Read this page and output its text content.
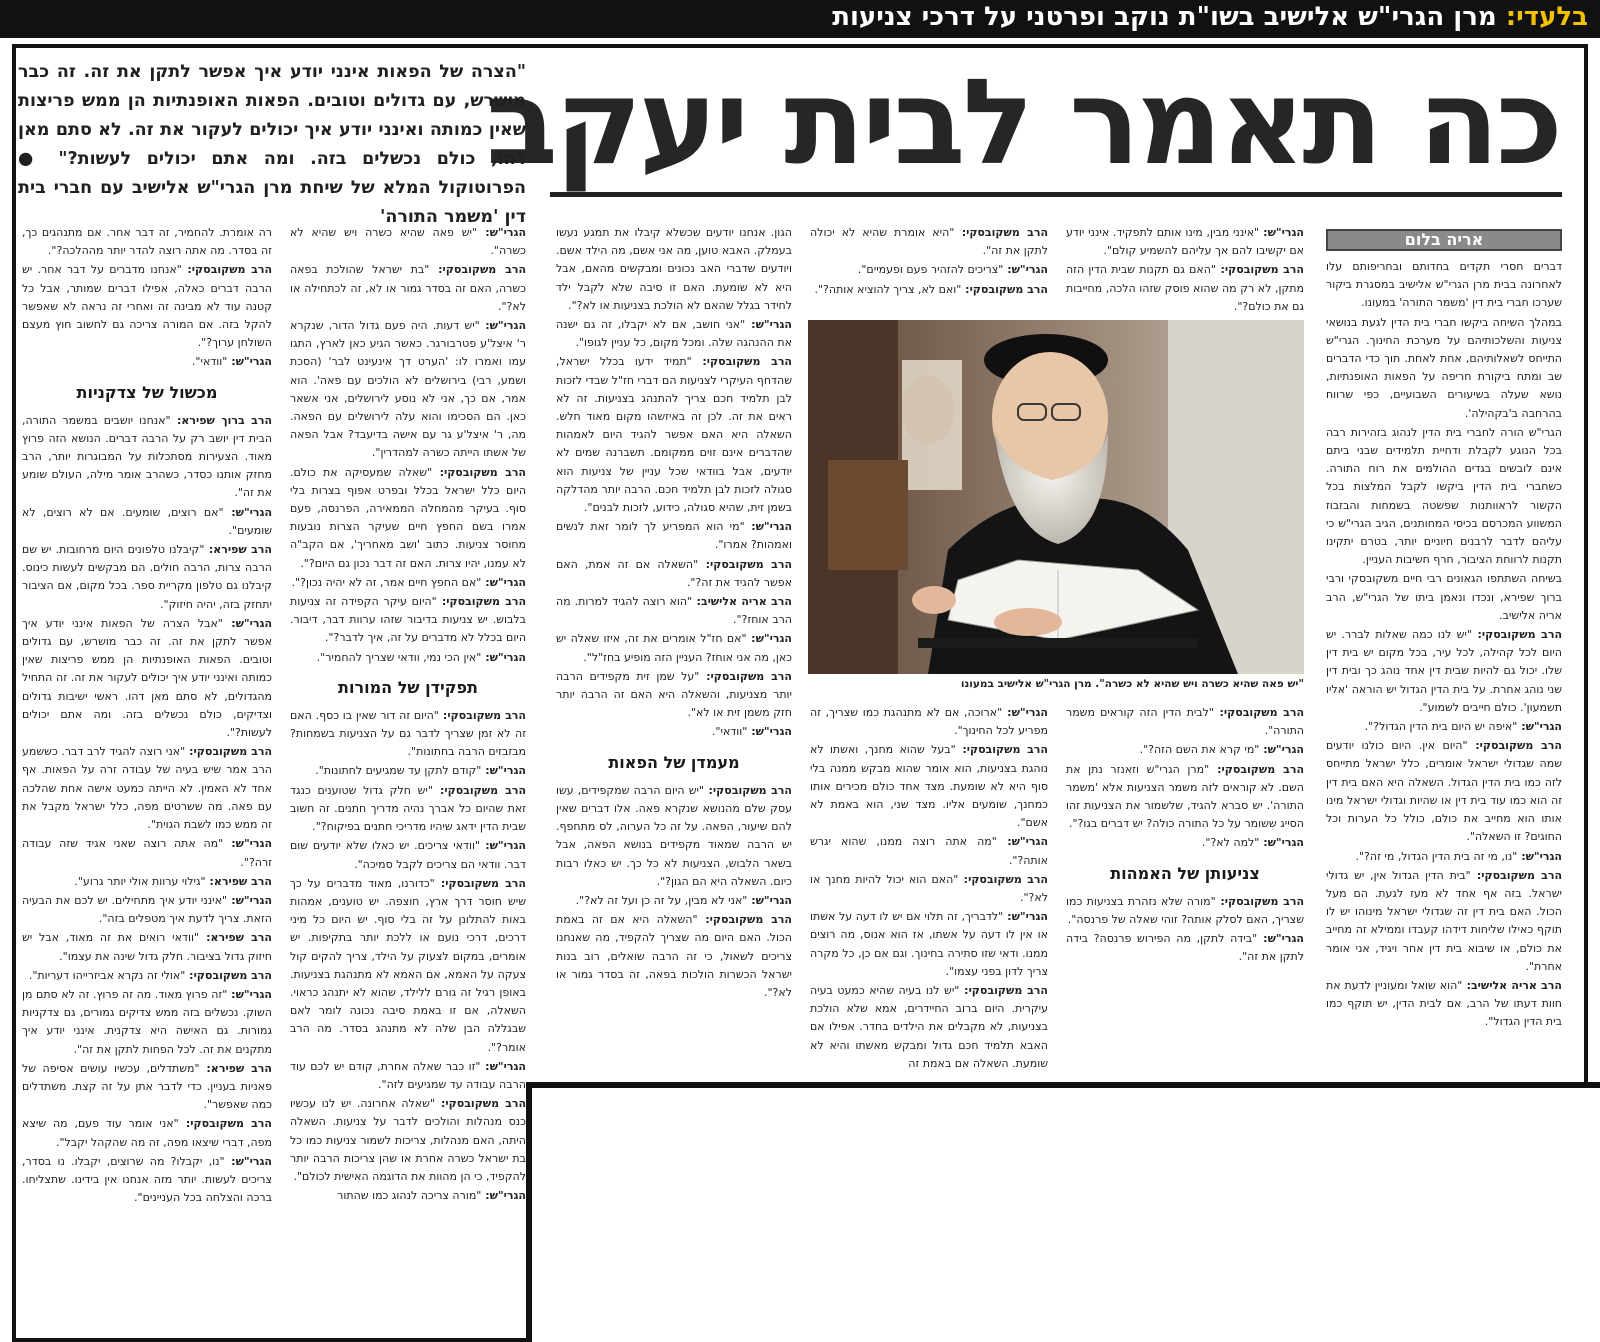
בלעדי: מרן הגרי"ש אלישיב בשו"ת נוקב ופרטני על דרכי צניעות
כה תאמר לבית יעקב
"הצרה של הפאות אינני יודע איך אפשר לתקן את זה. זה כבר מושרש, עם גדולים וטובים. הפאות האופנתיות הן ממש פריצות שאין כמותה ואינני יודע איך יכולים לעקור את זה. לא סתם מאן דהו, כולם נכשלים בזה. ומה אתם יכולים לעשות?" ● הפרוטוקול המלא של שיחת מרן הגרי"ש אלישיב עם חברי בית דין 'משמר התורה'
אריה בלום

דברים חסרי תקדים בחדותם ובחריפותם עלו לאחרונה בבית מרן הגרי"ש אלישיב במסגרת ביקור שערכו חברי בית דין 'משמר התורה' במעונו.

במהלך השיחה ביקשו חברי בית הדין לגעת בנושאי צניעות והשלכותיהם על מערכת החינוך. הגרי"ש התייחס לשאלותיהם, אחת לאחת. תוך כדי הדברים שב ומתח ביקורת חריפה על הפאות האופנתיות, נושא שעלה בשיעורים השבועיים, כפי שרווח בהרחבה ב'בקהילה'.

הגרי"ש הורה לחברי בית הדין לנהוג בזהירות רבה בכל הנוגע לקבלת ודחיית תלמידים שבני ביתם אינם לובשים בגדים ההולמים את רוח התורה. כשחברי בית הדין ביקשו לקבל המלצות בכל הקשור לראוותנות שפשטה בשמחות והבזבוז המשווע המכרסם בכיסי המחותנים, הגיב הגרי"ש כי עליהם לדבר לרבנים חיוניים יותר, בטרם יתקינו תקנות לרווחת הציבור, חרף חשיבות העניין.

בשיחה השתתפו הגאונים רבי חיים משקובסקי ורבי ברוך שפירא, ונכדו ונאמן ביתו של הגרי"ש, הרב אריה אלישיב.

הרב משקובסקי: "יש לנו כמה שאלות לברר. יש היום לכל קהילה, לכל עיר, בכל מקום יש בית דין שלו. יכול גם להיות שבית דין אחד נוהג כך ובית דין שני נוהג אחרת. על בית הדין הגדול יש הוראה 'אליו תשמעון'. כולם חייבים לשמוע".

הגרי"ש: "איפה יש היום בית הדין הגדול?".

הרב משקובסקי: "היום אין. היום כולנו יודעים שמה שגדולי ישראל אומרים, כלל ישראל מתייחס לזה כמו בית הדין הגדול. השאלה היא האם בית דין זה הוא כמו עוד בית דין או שהיות וגדולי ישראל מינו אותו הוא מחייב את כולם, כולל כל הערות וכל החוגים? זו השאלה".

הגרי"ש: "נו, מי זה בית הדין הגדול, מי זה?".

הרב משקובסקי: "בית הדין הגדול אין, יש גדולי ישראל. בזה אף אחד לא מעז לגעת. הם מעל הכול. האם בית דין זה שגדולי ישראל מינוהו יש לו תוקף כאילו שליחות דידהו קעבדו וממילא זה מחייב את כולם, או שיבוא בית דין אחר ויגיד, אני אומר אחרת".

הרב אריה אלישיב: "הוא שואל ומעוניין לדעת את חוות דעתו של הרב, אם לבית הדין, יש תוקף כמו בית הדין הגדול".

הגרי"ש: "אינני מבין, מינו אותם לתפקיד. אינני יודע אם יקשיבו להם אך עליהם להשמיע קולם".

הרב משקובסקי: "האם גם תקנות שבית הדין הזה מתקן, לא רק מה שהוא פוסק שזהו הלכה, מחייבות גם את כולם?".

הרב משקובסקי: "לבית הדין הזה קוראים משמר התורה".

הגרי"ש: "מי קרא את השם הזה?".

הרב משקובסקי: "מרן הגרי"ש וזאנזר נתן את השם. לא קוראים לזה משמר הצניעות אלא 'משמר התורה'. יש סברא להגיד, שלשמור את הצניעות זהו הסייג ששומר על כל התורה כולה? יש דברים בגו?".

הגרי"ש: "למה לא?".

צניעותן של האמהות

הרב משקובסקי: "מורה שלא נזהרת בצניעות כמו שצריך, האם לסלק אותה? זוהי שאלה של פרנסה".

הגרי"ש: "בידה לתקן, מה הפירוש פרנסה? בידה לתקן את זה".

הרב משקובסקי: "היא אומרת שהיא לא יכולה לתקן את זה".

הגרי"ש: "צריכים להזהיר פעם ופעמיים".

הרב משקובסקי: "ואם לא, צריך להוציא אותה?".

הגרי"ש: "ארוכה, אם לא מתנהגת כמו שצריך, זה מפריע לכל החינוך".

הרב משקובסקי: "בעל שהוא מחנך, ואשתו לא נוהגת בצניעות, הוא אומר שהוא מבקש ממנה בלי סוף היא לא שומעת. מצד אחד כולם מכירים אותו כמחנך, שומעים אליו. מצד שני, הוא באמת לא אשם".

הגרי"ש: "מה אתה רוצה ממנו, שהוא יגרש אותה?".

הרב משקובסקי: "האם הוא יכול להיות מחנך או לא?".

הגרי"ש: "לדבריך, זה תלוי אם יש לו דעה על אשתו או אין לו דעה על אשתו, אז הוא אנוס, מה רוצים ממנו. ודאי שזו סתירה בחינוך. וגם אם כן, כל מקרה צריך לדון בפני עצמו".

הרב משקובסקי: "יש לנו בעיה שהיא כמעט בעיה עיקרית. היום ברוב החיידרים, אמא שלא הולכת בצניעות, לא מקבלים את הילדים בחדר. אפילו אם האבא תלמיד חכם גדול ומבקש מאשתו והיא לא שומעת. השאלה אם באמת זה

הגון. אנחנו יודעים שכשלא קיבלו את תמגע נעשו בעמלק. האבא טוען, מה אני אשם, מה הילד אשם. ויודעים שדברי האב נכונים ומבקשים מהאם, אבל היא לא שומעת. האם זו סיבה שלא לקבל ילד לחידר בגלל שהאם לא הולכת בצניעות או לא?".

הגרי"ש: "אני חושב, אם לא יקבלו, זה גם ישנה את ההנהגה שלה. ומכל מקום, כל עניין לגופו".

הרב משקובסקי: "תמיד ידעו בכלל ישראל, שהדחף העיקרי לצניעות הם דברי חז"ל שבדי לזכות לבן תלמיד חכם צריך להתנהג בצניעות. זה לא ראים את זה. לכן זה באיזשהו מקום מאוד חלש. השאלה היא האם אפשר להגיד היום לאמהות שהדברים אינם זוים ממקומם. תשברנה שמים לא יודעים, אבל בוודאי שכל עניין של צניעות הוא סגולה לזכות לבן תלמיד חכם. הרבה יותר מהדלקה בשמן זית, שהיא סגולה, כידוע, לזכות לבנים".

הגרי"ש: "מי הוא המפריע לך לומר זאת לנשים ואמהות? אמרו".

הרב משקובסקי: "השאלה אם זה אמת, האם אפשר להגיד את זה?".

הרב אריה אלישיב: "הוא רוצה להגיד למרות. מה הרב אוחז?".

הגרי"ש: "אם חז"ל אומרים את זה, איזו שאלה יש כאן, מה אני אוחז? העניין הזה מופיע בחז"ל".

הרב משקובסקי: "על שמן זית מקפידים הרבה יותר מצניעות, והשאלה היא האם זה הרבה יותר חזק משמן זית או לא".

הגרי"ש: "וודאי".

מעמדן של הפאות

הרב משקובסקי: "יש היום הרבה שמקפידים, עשו עסק שלם מהנושא שנקרא פאה. אלו דברים שאין להם שיעור, הפאה. על זה כל הערוה, לס מתחפף. יש הרבה שמאוד מקפידים בנושא הפאה, אבל בשאר הלבוש, הצניעות לא כל כך. יש כאלו רבות כיום. השאלה היא הם הגון?".

הגרי"ש: "אני לא מבין, על זה כן ועל זה לא?".

הרב משקובסקי: "השאלה היא אם זה באמת הכול. האם היום מה שצריך להקפיד, מה שאנחנו צריכים לשאול, כי זה הרבה שואלים, רוב בנות ישראל הכשרות הולכות בפאה, זה בסדר גמור או לא?".

הגרי"ש: "יש פאה שהיא כשרה ויש שהיא לא כשרה".

הרב משקובסקי: "בת ישראל שהולכת בפאה כשרה, האם זה בסדר גמור או לא, זה לכתחילה או לא?".

הגרי"ש: "יש דעות. היה פעם גדול הדור, שנקרא ר' איצל'ע פטרבורגר. כאשר הגיע כאן לארץ, התגו עמו ואמרו לו: 'הערט דך אינעינט לבר' (הסכת ושמע, רבי) בירושלים לא הולכים עם פאה'. הוא אמר, אם כך, אני לא נוסע לירושלים, אני אשאר כאן. הם הסכימו והוא עלה לירושלים עם הפאה. מה, ר' איצל'ע גר עם אישה בדיעבד? אבל הפאה של אשתו הייתה כשרה למהדרין".

הרב משקובסקי: "שאלה שמעסיקה את כולם. היום כלל ישראל בכלל ובפרט אפוף בצרות בלי סוף. בעיקר מהמחלה הממאירה, הפרנסה, פעם אמרו בשם החפץ חיים שעיקר הצרות נובעות מחוסר צניעות. כתוב 'ושב מאחריך', אם הקב"ה לא עמנו, יהיו צרות. האם זה דבר נכון גם היום?".

הגרי"ש: "אם החפץ חיים אמר, זה לא יהיה נכון?".

הרב משקובסקי: "היום עיקר הקפידה זה צניעות בלבוש. יש צניעות בדיבור שזהו ערוות דבר, דיבור. היום בכלל לא מדברים על זה, איך לדבר?".

הגרי"ש: "אין הכי נמי, וודאי שצריך להחמיר".

תפקידן של המורות

הרב משקובסקי: "היום זה דור שאין בו כסף. האם זה לא זמן שצריך לדבר גם על הצניעות בשמחות? מבזבזים הרבה בחתונות".

הגרי"ש: "קודם לתקן עד שמגיעים לחתונות".

הרב משקובסקי: "יש חלק גדול שטוענים כנגד זאת שהיום כל אברך נהיה מדריך חתנים. זה חשוב שבית הדין ידאג שיהיו מדריכי חתנים בפיקוח?".

הגרי"ש: "וודאי צריכים. יש כאלו שלא יודעים שום דבר. וודאי הם צריכים לקבל סמיכה".

הרב משקובסקי: "כדורנו, מאוד מדברים על כך שיש חוסר דרך ארץ, חוצפה. יש טוענים, אמהות באות להתלונן על זה בלי סוף. יש היום כל מיני דרכים, דרכי נועם או ללכת יותר בתקיפות. יש אומרים, במקום לצעוק על הילד, צריך להקים קול צעקה על האמא, אם האמא לא מתנהגת בצניעות. באופן רגיל זה גורם ללילד, שהוא לא יתנהג כראוי. השאלה, אם זו באמת סיבה נכונה לומר לאם שבגללה הבן שלה לא מתנהג בסדר. מה הרב אומר?".

הגרי"ש: "זו כבר שאלה אחרת, קודם יש לכם עוד הרבה עבודה עד שמגיעים לזה".

הרב משקובסקי: "שאלה אחרונה. יש לנו עכשיו כנס מנהלות והולכים לדבר על צניעות. השאלה היתה, האם מנהלות, צריכות לשמור צניעות כמו כל בת ישראל כשרה אחרת או שהן צריכות הרבה יותר להקפיד, כי הן מהוות את הדוגמה האישית לכולם".

הגרי"ש: "מורה צריכה לנהוג כמו שהתור

רה אומרת. להחמיר, זה דבר אחר. אם מתנהגים כך, זה בסדר. מה אתה רוצה להדר יותר מההלכה?".

הרב משקובסקי: "אנחנו מדברים על דבר אחר. יש הרבה דברים כאלה, אפילו דברים שמותר, אבל כל קטנה עוד לא מבינה זה ואחרי זה נראה לא שאפשר להקל בזה. אם המורה צריכה גם לחשוב חוץ מעצם השולחן ערוך?".

הגרי"ש: "וודאי".

מכשול של צדקניות

הרב ברוך שפירא: "אנחנו יושבים במשמר התורה, הבית דין יושב רק על הרבה דברים. הנושא הזה פרוץ מאוד. הצעירות מסתכלות על המבוגרות יותר, הרב מחזק אותנו כסדר, כשהרב אומר מילה, העולם שומע את זה".

הגרי"ש: "אם רוצים, שומעים. אם לא רוצים, לא שומעים".

הרב שפירא: "קיבלנו טלפונים היום מרחובות. יש שם הרבה צרות, הרבה חולים. הם מבקשים לעשות כינוס. קיבלנו גם טלפון מקריית ספר. בכל מקום, אם הציבור יתחזק בזה, יהיה חיזוק".

הגרי"ש: "אבל הצרה של הפאות אינני יודע איך אפשר לתקן את זה. זה כבר מושרש, עם גדולים וטובים. הפאות האופנתיות הן ממש פריצות שאין כמותה ואינני יודע איך יכולים לעקור את זה. זה התחיל מהגדולים, לא סתם מאן דהו. ראשי ישיבות גדולים וצדיקים, כולם נכשלים בזה. ומה אתם יכולים לעשות?".

הרב משקובסקי: "אני רוצה להגיד לרב דבר. כששמע הרב אמר שיש בעיה של עבודה זרה על הפאות. אף אחד לא האמין. לא הייתה כמעט אישה אחת שהלכה עם פאה. מה ששרטים מפה, כלל ישראל מקבל את זה ממש כמו לשבת הגוית".

הגרי"ש: "מה אתה רוצה שאני אגיד שזה עבודה זרה?".

הרב שפירא: "גילוי ערוות אולי יותר גרוע".

הגרי"ש: "אינני יודע איך מתחילים. יש לכם את הבעיה הזאת. צריך לדעת איך מטפלים בזה".

הרב שפירא: "וודאי רואים את זה מאוד, אבל יש חיזוק גדול בציבור. חלק גדול שינה את עצמו".

הרב משקובסקי: "אולי זה נקרא אביזרייהו דעריות".

הגרי"ש: "זה פרוץ מאוד. מה זה פרוץ. זה לא סתם מן השוק. נכשלים בזה ממש צדיקים גמורים, גם צדקניות גמורות. גם האישה היא צדקנית. אינני יודע איך מתקנים את זה. לכל הפחות לתקן את זה".

הרב שפירא: "משתדלים, עכשיו עושים אסיפה של פאניות בעניין. כדי לדבר אתן על זה קצת. משתדלים כמה שאפשר".

הרב משקובסקי: "אני אומר עוד פעם, מה שיצא מפה, דברי שיצאו מפה, זה מה שהקהל יקבל".

הגרי"ש: "נו, יקבלו? מה שרוצים, יקבלו. נו בסדר, צריכים לעשות. יותר מזה אנחנו אין בידינו. שתצליחו. ברכה והצלחה בכל העניינים".

"יש פאה שהיא כשרה ויש שהיא לא כשרה". מרן הגרי"ש אלישיב במעונו
